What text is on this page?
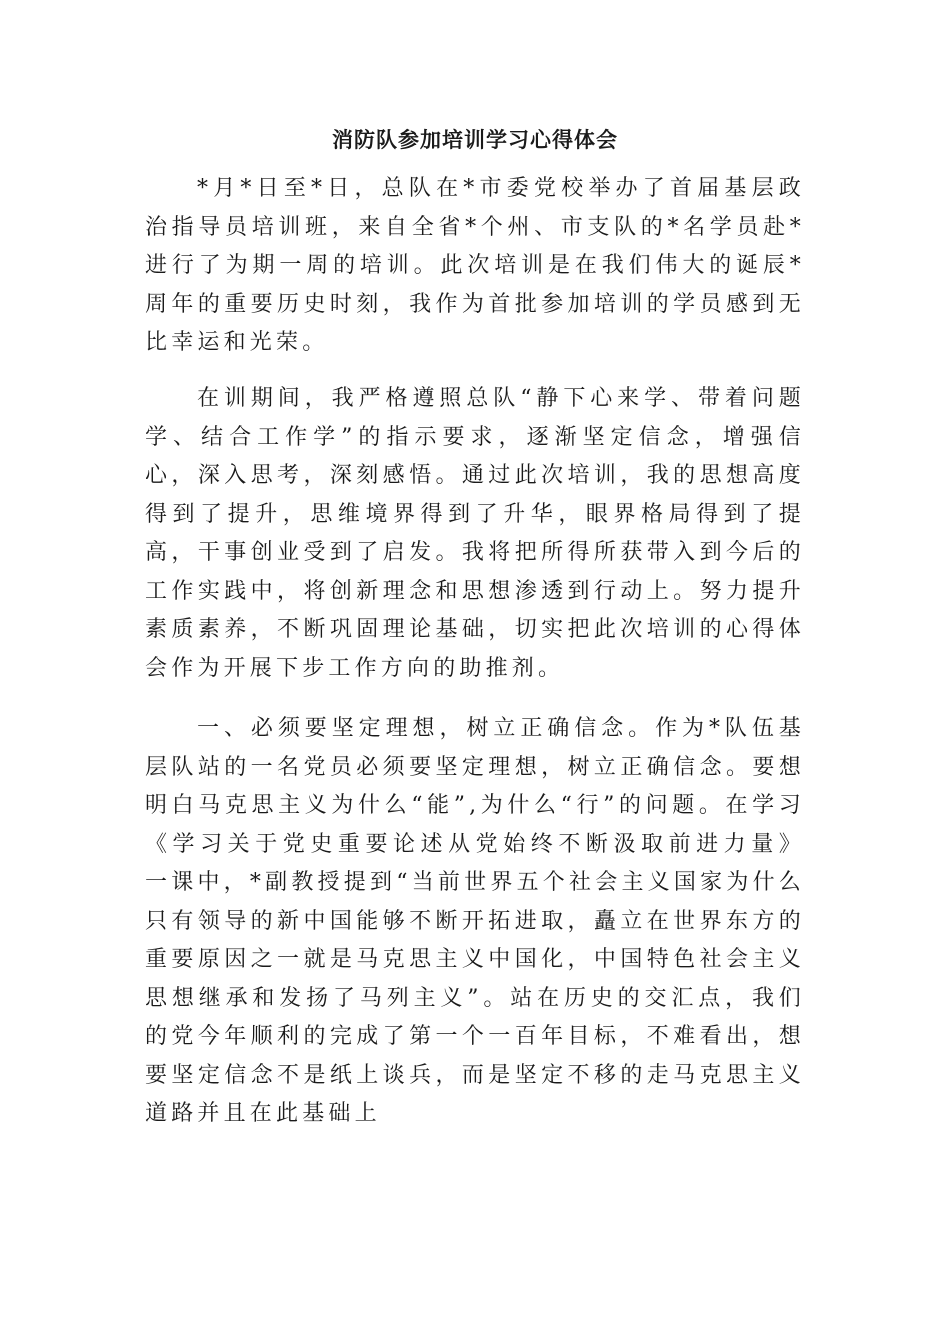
消防队参加培训学习心得体会

*月*日至*日，总队在*市委党校举办了首届基层政治指导员培训班，来自全省*个州、市支队的*名学员赴*进行了为期一周的培训。此次培训是在我们伟大的诞辰*周年的重要历史时刻，我作为首批参加培训的学员感到无比幸运和光荣。

在训期间，我严格遵照总队“静下心来学、带着问题学、结合工作学”的指示要求，逐渐坚定信念，增强信心，深入思考，深刻感悟。通过此次培训，我的思想高度得到了提升，思维境界得到了升华，眼界格局得到了提高，干事创业受到了启发。我将把所得所获带入到今后的工作实践中，将创新理念和思想渗透到行动上。努力提升素质素养，不断巩固理论基础，切实把此次培训的心得体会作为开展下步工作方向的助推剂。

一、必须要坚定理想，树立正确信念。作为*队伍基层队站的一名党员必须要坚定理想，树立正确信念。要想明白马克思主义为什么“能”,为什么“行”的问题。在学习《学习关于党史重要论述从党始终不断汲取前进力量》 一课中，*副教授提到“当前世界五个社会主义国家为什么只有领导的新中国能够不断开拓进取，矗立在世界东方的重要原因之一就是马克思主义中国化，中国特色社会主义思想继承和发扬了马列主义”。站在历史的交汇点，我们的党今年顺利的完成了第一个一百年目标，不难看出，想要坚定信念不是纸上谈兵，而是坚定不移的走马克思主义道路并且在此基础上
